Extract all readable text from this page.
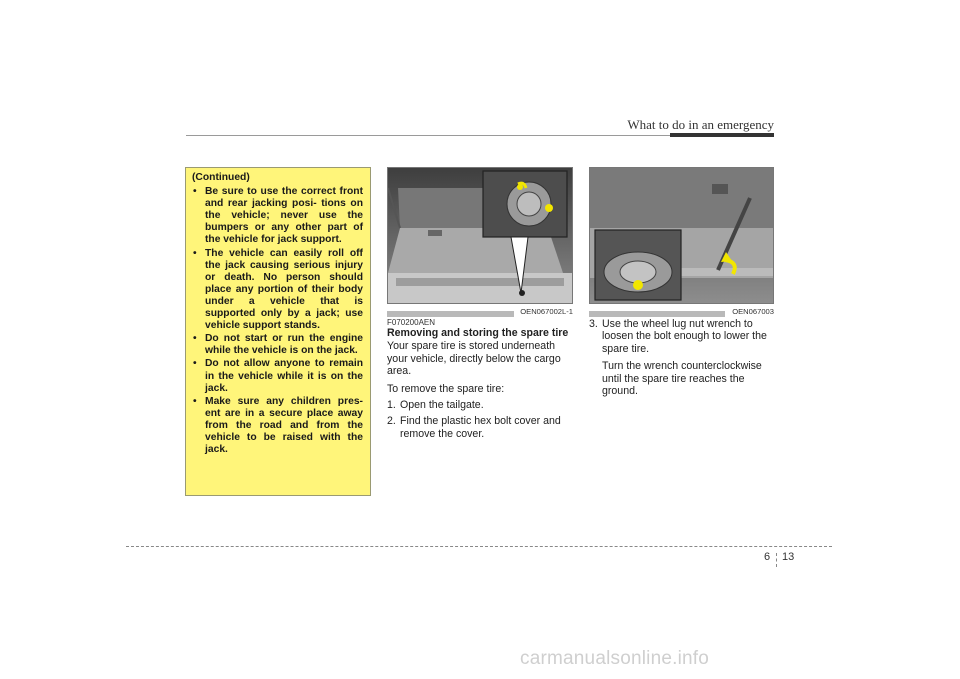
What to do in an emergency
(Continued)
• Be sure to use the correct front and rear jacking posi- tions on the vehicle; never use the bumpers or any other part of the vehicle for jack support.
• The vehicle can easily roll off the jack causing serious injury or death. No person should place any portion of their body under a vehicle that is supported only by a jack; use vehicle support stands.
• Do not start or run the engine while the vehicle is on the jack.
• Do not allow anyone to remain in the vehicle while it is on the jack.
• Make sure any children pres- ent are in a secure place away from the road and from the vehicle to be raised with the jack.
OEN067002L-1	OEN067003
F070200AEN
Removing and storing the spare tire
Your spare tire is stored underneath your vehicle, directly below the cargo area.
To remove the spare tire:
1. Open the tailgate.
2. Find the plastic hex bolt cover and remove the cover.
3. Use the wheel lug nut wrench to loosen the bolt enough to lower the spare tire.
Turn the wrench counterclockwise until the spare tire reaches the ground.
6 13
carmanualsonline.info
